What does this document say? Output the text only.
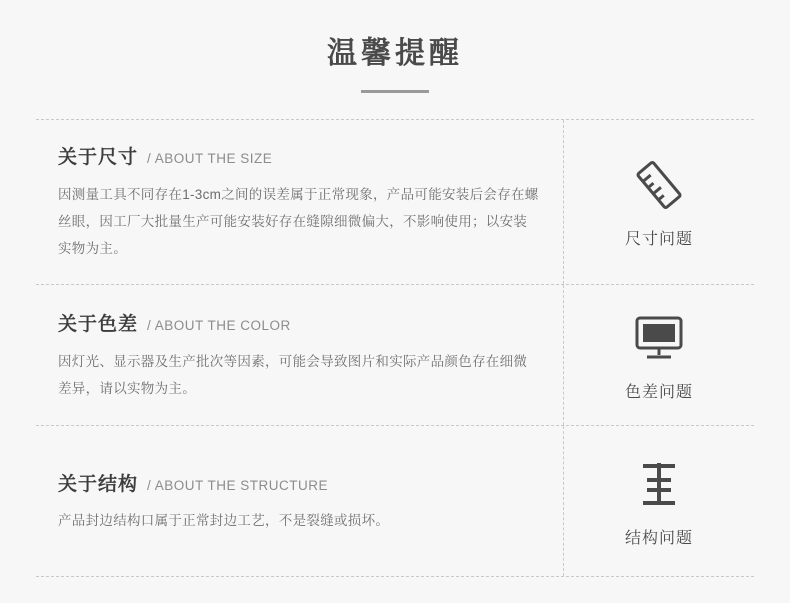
温馨提醒
关于尺寸 / ABOUT THE SIZE
因测量工具不同存在1-3cm之间的误差属于正常现象，产品可能安装后会存在螺丝眼，因工厂大批量生产可能安装好存在缝隙细微偏大，不影响使用；以安装实物为主。
尺寸问题
关于色差 / ABOUT THE COLOR
因灯光、显示器及生产批次等因素，可能会导致图片和实际产品颜色存在细微差异，请以实物为主。	色差问题
关于结构 / ABOUT THE STRUCTURE
产品封边结构口属于正常封边工艺，不是裂缝或损坏。
结构问题
